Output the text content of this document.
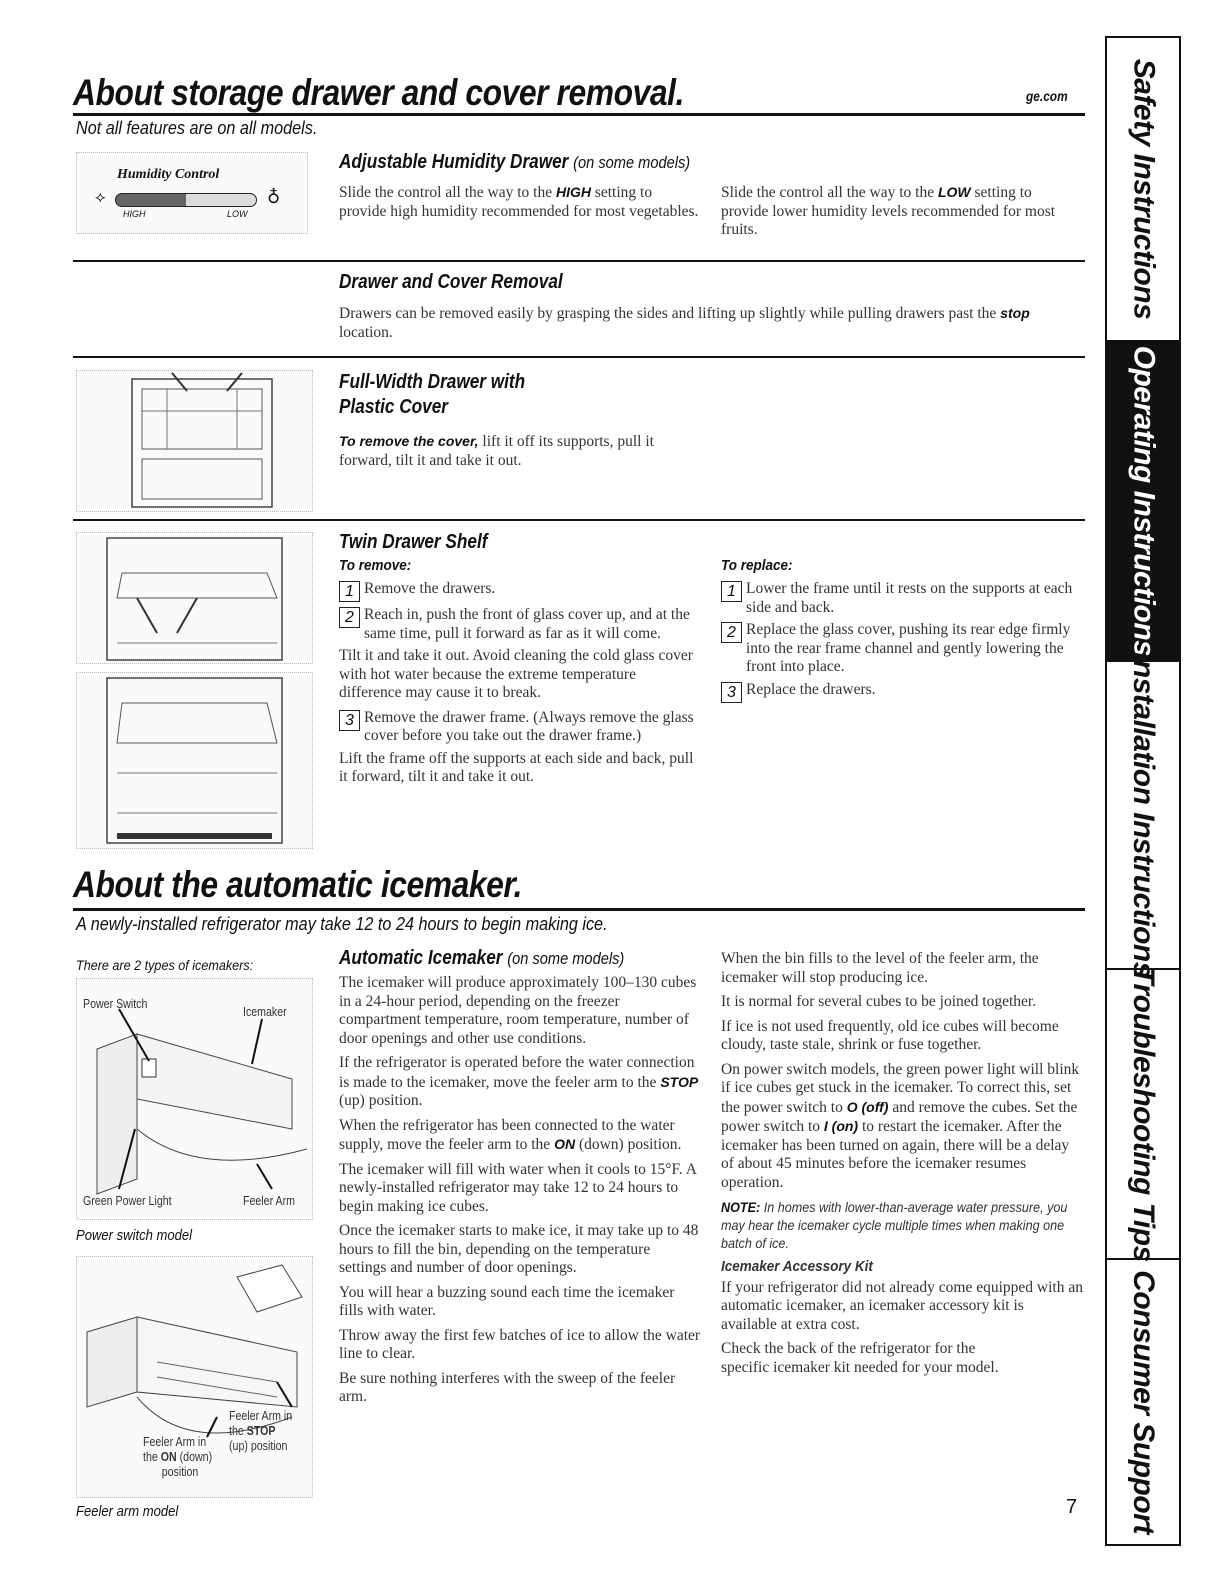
About storage drawer and cover removal.	ge.com
Not all features are on all models.
Humidity Control
⟡	♁
HIGH	LOW
Adjustable Humidity Drawer (on some models)
Slide the control all the way to the HIGH setting to provide high humidity recommended for most vegetables.
Slide the control all the way to the LOW setting to provide lower humidity levels recommended for most fruits.
Drawer and Cover Removal
Drawers can be removed easily by grasping the sides and lifting up slightly while pulling drawers past the stop location.
Full-Width Drawer with
Plastic Cover
To remove the cover, lift it off its supports, pull it forward, tilt it and take it out.
Twin Drawer Shelf
To remove:
1 Remove the drawers.
2 Reach in, push the front of glass cover up, and at the same time, pull it forward as far as it will come.

Tilt it and take it out. Avoid cleaning the cold glass cover with hot water because the extreme temperature difference may cause it to break.

3 Remove the drawer frame. (Always remove the glass cover before you take out the drawer frame.)

Lift the frame off the supports at each side and back, pull it forward, tilt it and take it out.

To replace:
1 Lower the frame until it rests on the supports at each side and back.
2 Replace the glass cover, pushing its rear edge firmly into the rear frame channel and gently lowering the front into place.
3 Replace the drawers.
About the automatic icemaker.
A newly-installed refrigerator may take 12 to 24 hours to begin making ice.
There are 2 types of icemakers:
Power Switch
Icemaker
Green Power Light	Feeler Arm
Power switch model
Feeler Arm in
the STOP
(up) position
Feeler Arm in
the ON (down)
position
Feeler arm model
Automatic Icemaker (on some models)

The icemaker will produce approximately 100–130 cubes in a 24-hour period, depending on the freezer compartment temperature, room temperature, number of door openings and other use conditions.

If the refrigerator is operated before the water connection is made to the icemaker, move the feeler arm to the STOP (up) position.

When the refrigerator has been connected to the water supply, move the feeler arm to the ON (down) position.

The icemaker will fill with water when it cools to 15°F. A newly-installed refrigerator may take 12 to 24 hours to begin making ice cubes.

Once the icemaker starts to make ice, it may take up to 48 hours to fill the bin, depending on the temperature settings and number of door openings.

You will hear a buzzing sound each time the icemaker fills with water.

Throw away the first few batches of ice to allow the water line to clear.

Be sure nothing interferes with the sweep of the feeler arm.

When the bin fills to the level of the feeler arm, the icemaker will stop producing ice.

It is normal for several cubes to be joined together.

If ice is not used frequently, old ice cubes will become cloudy, taste stale, shrink or fuse together.

On power switch models, the green power light will blink if ice cubes get stuck in the icemaker. To correct this, set the power switch to O (off) and remove the cubes. Set the power switch to I (on) to restart the icemaker. After the icemaker has been turned on again, there will be a delay of about 45 minutes before the icemaker resumes operation.

NOTE: In homes with lower-than-average water pressure, you may hear the icemaker cycle multiple times when making one batch of ice.
Icemaker Accessory Kit

If your refrigerator did not already come equipped with an automatic icemaker, an icemaker accessory kit is available at extra cost.

Check the back of the refrigerator for the specific icemaker kit needed for your model.

7
Safety Instructions
Operating Instructions
Installation Instructions
Troubleshooting Tips
Consumer Support
